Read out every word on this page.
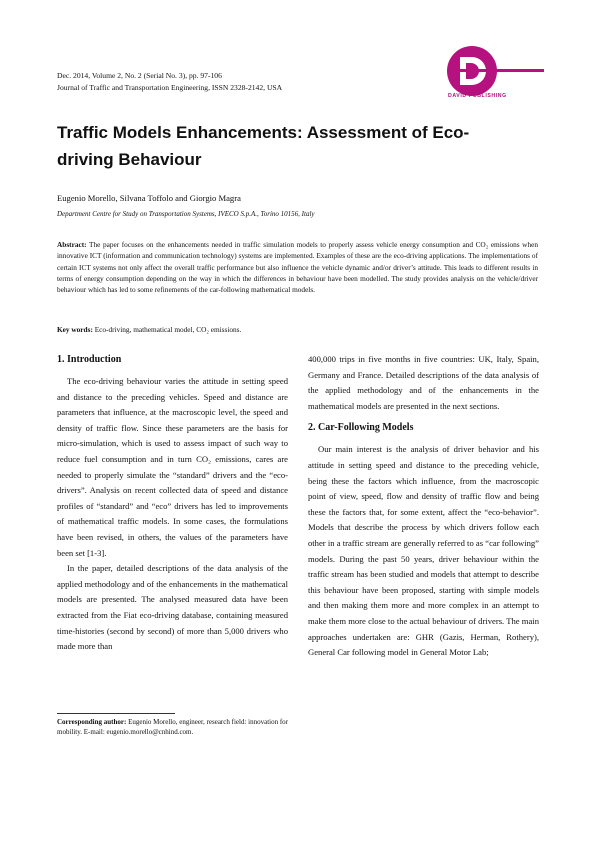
Dec. 2014, Volume 2, No. 2 (Serial No. 3), pp. 97-106
Journal of Traffic and Transportation Engineering, ISSN 2328-2142, USA
DAVID PUBLISHING
Traffic Models Enhancements: Assessment of Eco-driving Behaviour
Eugenio Morello, Silvana Toffolo and Giorgio Magra
Department Centre for Study on Transportation Systems, IVECO S.p.A., Torino 10156, Italy

Abstract: The paper focuses on the enhancements needed in traffic simulation models to properly assess vehicle energy consumption and CO₂ emissions when innovative ICT (information and communication technology) systems are implemented. Examples of these are the eco-driving applications. The implementations of certain ICT systems not only affect the overall traffic performance but also influence the vehicle dynamic and/or driver’s attitude. This leads to different results in terms of energy consumption depending on the way in which the differences in behaviour have been modelled. The study provides analysis on the vehicle/driver behaviour which has led to some refinements of the car-following mathematical models.

Key words: Eco-driving, mathematical model, CO₂ emissions.
1. Introduction

The eco-driving behaviour varies the attitude in setting speed and distance to the preceding vehicles. Speed and distance are parameters that influence, at the macroscopic level, the speed and density of traffic flow. Since these parameters are the basis for micro-simulation, which is used to assess impact of such way to reduce fuel consumption and in turn CO₂ emissions, cares are needed to properly simulate the “standard” drivers and the “eco-drivers”. Analysis on recent collected data of speed and distance profiles of “standard” and “eco” drivers has led to improvements of mathematical traffic models. In some cases, the formulations have been revised, in others, the values of the parameters have been set [1-3].

In the paper, detailed descriptions of the data analysis of the applied methodology and of the enhancements in the mathematical models are presented. The analysed measured data have been extracted from the Fiat eco-driving database, containing measured time-histories (second by second) of more than 5,000 drivers who made more than

400,000 trips in five months in five countries: UK, Italy, Spain, Germany and France. Detailed descriptions of the data analysis of the applied methodology and of the enhancements in the mathematical models are presented in the next sections.

2. Car-Following Models

Our main interest is the analysis of driver behavior and his attitude in setting speed and distance to the preceding vehicle, being these the factors which influence, from the macroscopic point of view, speed, flow and density of traffic flow and being these the factors that, for some extent, affect the “eco-behavior”. Models that describe the process by which drivers follow each other in a traffic stream are generally referred to as “car following” models. During the past 50 years, driver behaviour within the traffic stream has been studied and models that attempt to describe this behaviour have been proposed, starting with simple models and then making them more and more complex in an attempt to make them more close to the actual behaviour of drivers. The main approaches undertaken are: GHR (Gazis, Herman, Rothery), General Car following model in General Motor Lab;

Corresponding author: Eugenio Morello, engineer, research field: innovation for mobility. E-mail: eugenio.morello@cnhind.com.
